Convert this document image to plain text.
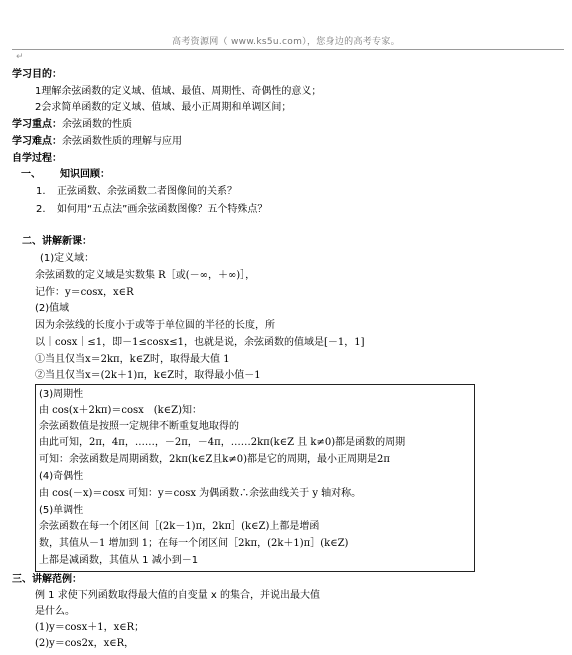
高考资源网（ www.ks5u.com），您身边的高考专家。
↵
学习目的：
1理解余弦函数的定义域、值域、最值、周期性、奇偶性的意义；
2会求简单函数的定义域、值域、最小正周期和单调区间；
学习重点：余弦函数的性质
学习难点：余弦函数性质的理解与应用
自学过程：
一、 知识回顾：
1. 正弦函数、余弦函数二者图像间的关系？
2. 如何用“五点法”画余弦函数图像？五个特殊点？
二、讲解新课：
(1)定义域：
余弦函数的定义域是实数集 R［或(－∞，＋∞)］，
记作：y＝cosx，x∈R
(2)值域
因为余弦线的长度小于或等于单位圆的半径的长度，所
以｜cosx｜≤1，即－1≤cosx≤1，也就是说，余弦函数的值域是[－1，1]
①当且仅当x＝2kπ，k∈Z时，取得最大值 1
②当且仅当x＝(2k＋1)π，k∈Z时，取得最小值－1
(3)周期性
由 cos(x＋2kπ)＝cosx　(k∈Z)知：
余弦函数值是按照一定规律不断重复地取得的
由此可知，2π，4π，……，－2π，－4π，……2kπ(k∈Z 且 k≠0)都是函数的周期
可知：余弦函数是周期函数，2kπ(k∈Z且k≠0)都是它的周期，最小正周期是2π
(4)奇偶性
由 cos(－x)＝cosx 可知：y＝cosx 为偶函数∴余弦曲线关于 y 轴对称。
(5)单调性
余弦函数在每一个闭区间［(2k－1)π，2kπ］(k∈Z)上都是增函
数，其值从－1 增加到 1；在每一个闭区间［2kπ，(2k＋1)π］(k∈Z)
上都是减函数，其值从 1 减小到－1
三、讲解范例：
例 1 求使下列函数取得最大值的自变量 x 的集合，并说出最大值
是什么。
(1)y＝cosx＋1，x∈R；
(2)y＝cos2x，x∈R，
